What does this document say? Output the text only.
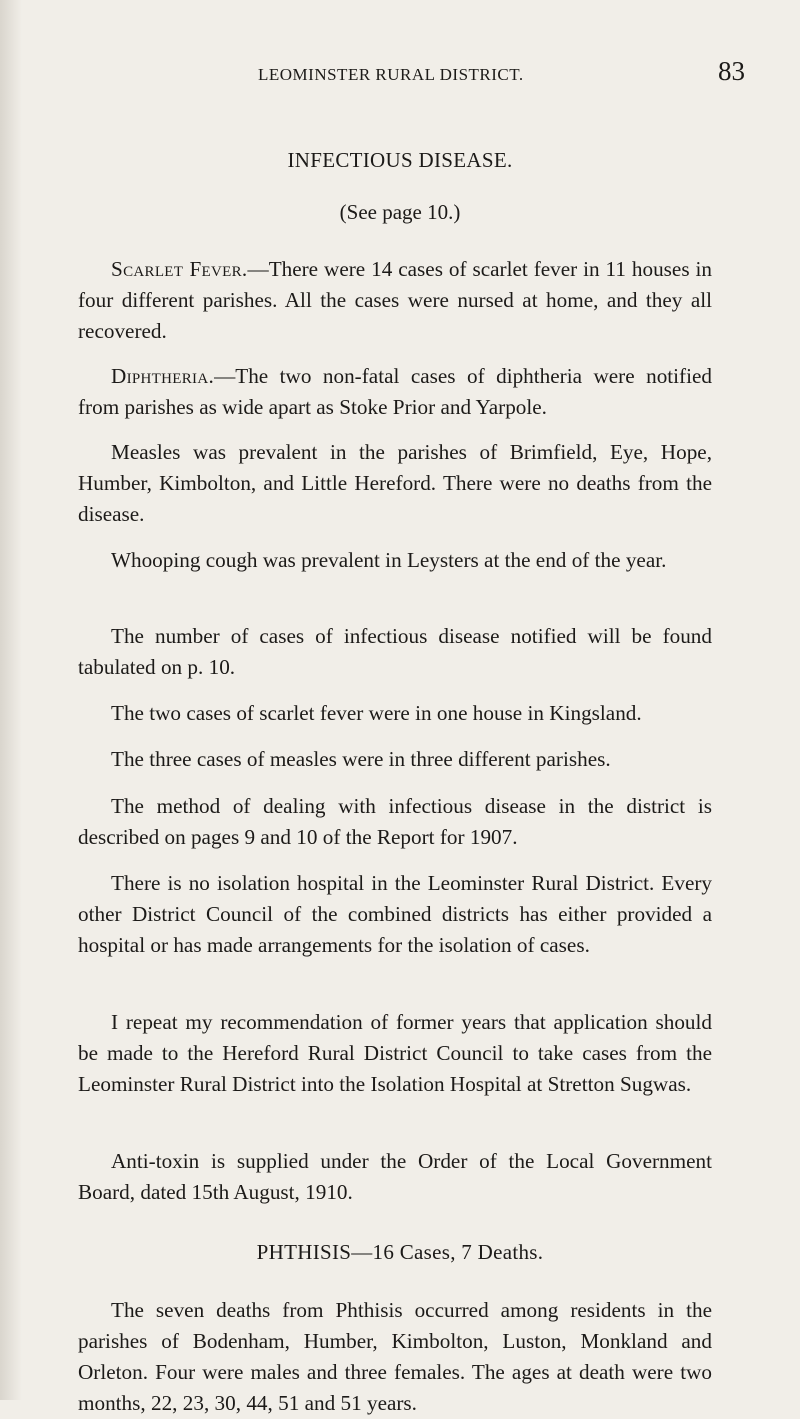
LEOMINSTER RURAL DISTRICT.	83
INFECTIOUS DISEASE.
(See page 10.)

Scarlet Fever.—There were 14 cases of scarlet fever in 11 houses in four different parishes. All the cases were nursed at home, and they all recovered.

Diphtheria.—The two non-fatal cases of diphtheria were notified from parishes as wide apart as Stoke Prior and Yarpole.

Measles was prevalent in the parishes of Brimfield, Eye, Hope, Humber, Kimbolton, and Little Hereford. There were no deaths from the disease.

Whooping cough was prevalent in Leysters at the end of the year.

The number of cases of infectious disease notified will be found tabulated on p. 10.

The two cases of scarlet fever were in one house in Kingsland.

The three cases of measles were in three different parishes.

The method of dealing with infectious disease in the district is described on pages 9 and 10 of the Report for 1907.

There is no isolation hospital in the Leominster Rural District. Every other District Council of the combined districts has either provided a hospital or has made arrangements for the isolation of cases.

I repeat my recommendation of former years that application should be made to the Hereford Rural District Council to take cases from the Leominster Rural District into the Isolation Hospital at Stretton Sugwas.

Anti-toxin is supplied under the Order of the Local Government Board, dated 15th August, 1910.

PHTHISIS—16 Cases, 7 Deaths.

The seven deaths from Phthisis occurred among residents in the parishes of Bodenham, Humber, Kimbolton, Luston, Monkland and Orleton. Four were males and three females. The ages at death were two months, 22, 23, 30, 44, 51 and 51 years.
